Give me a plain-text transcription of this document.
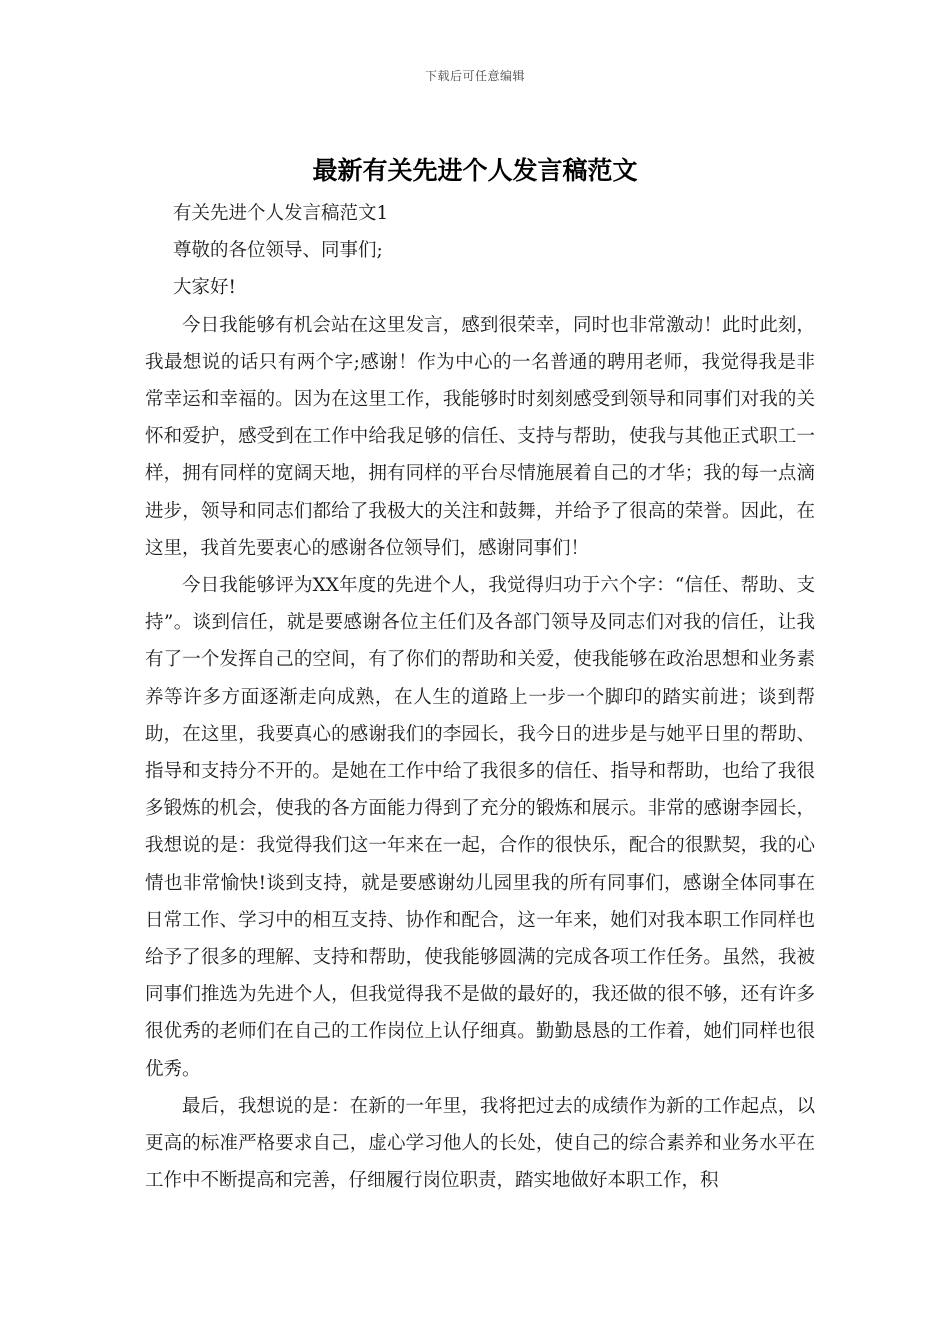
下载后可任意编辑
最新有关先进个人发言稿范文

有关先进个人发言稿范文1

尊敬的各位领导、同事们;

大家好!

今日我能够有机会站在这里发言，感到很荣幸，同时也非常激动！此时此刻，我最想说的话只有两个字;感谢！作为中心的一名普通的聘用老师，我觉得我是非常幸运和幸福的。因为在这里工作，我能够时时刻刻感受到领导和同事们对我的关怀和爱护，感受到在工作中给我足够的信任、支持与帮助，使我与其他正式职工一样，拥有同样的宽阔天地，拥有同样的平台尽情施展着自己的才华；我的每一点滴进步，领导和同志们都给了我极大的关注和鼓舞，并给予了很高的荣誉。因此，在这里，我首先要衷心的感谢各位领导们，感谢同事们！

今日我能够评为XX年度的先进个人，我觉得归功于六个字：“信任、帮助、支持”。谈到信任，就是要感谢各位主任们及各部门领导及同志们对我的信任，让我有了一个发挥自己的空间，有了你们的帮助和关爱，使我能够在政治思想和业务素养等许多方面逐渐走向成熟，在人生的道路上一步一个脚印的踏实前进；谈到帮助，在这里，我要真心的感谢我们的李园长，我今日的进步是与她平日里的帮助、指导和支持分不开的。是她在工作中给了我很多的信任、指导和帮助，也给了我很多锻炼的机会，使我的各方面能力得到了充分的锻炼和展示。非常的感谢李园长，我想说的是：我觉得我们这一年来在一起，合作的很快乐，配合的很默契，我的心情也非常愉快!谈到支持，就是要感谢幼儿园里我的所有同事们，感谢全体同事在日常工作、学习中的相互支持、协作和配合，这一年来，她们对我本职工作同样也给予了很多的理解、支持和帮助，使我能够圆满的完成各项工作任务。虽然，我被同事们推选为先进个人，但我觉得我不是做的最好的，我还做的很不够，还有许多很优秀的老师们在自己的工作岗位上认仔细真。勤勤恳恳的工作着，她们同样也很优秀。

最后，我想说的是：在新的一年里，我将把过去的成绩作为新的工作起点，以更高的标准严格要求自己，虚心学习他人的长处，使自己的综合素养和业务水平在工作中不断提高和完善，仔细履行岗位职责，踏实地做好本职工作，积
